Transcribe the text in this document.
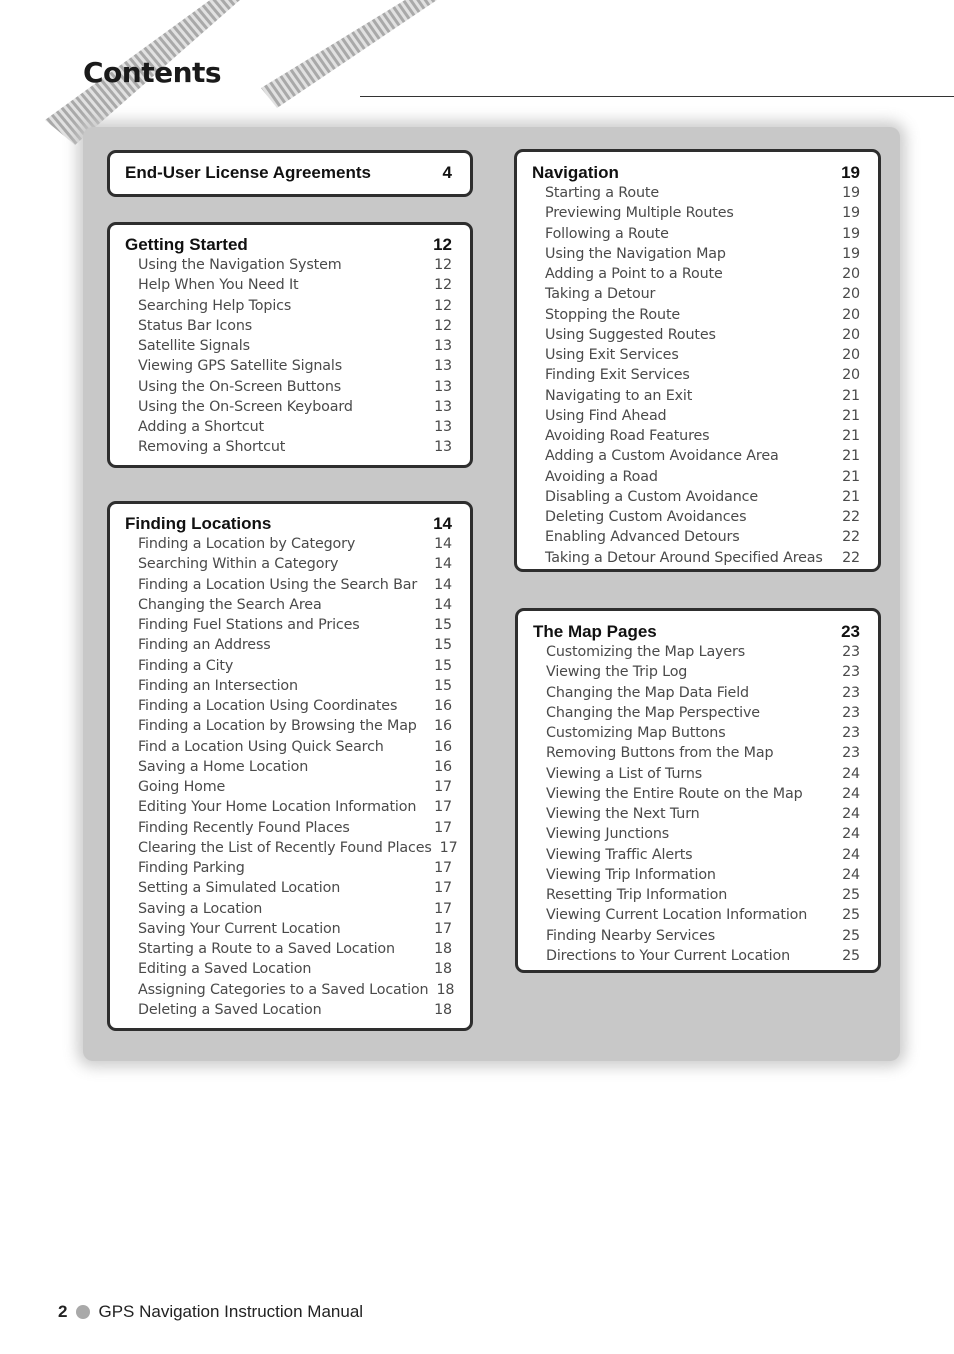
Contents
End-User License Agreements	4
Getting Started	12
Using the Navigation System	12
Help When You Need It	12
Searching Help Topics	12
Status Bar Icons	12
Satellite Signals	13
Viewing GPS Satellite Signals	13
Using the On-Screen Buttons	13
Using the On-Screen Keyboard	13
Adding a Shortcut	13
Removing a Shortcut	13
Finding Locations	14
Finding a Location by Category	14
Searching Within a Category	14
Finding a Location Using the Search Bar 14
Changing the Search Area	14
Finding Fuel Stations and Prices	15
Finding an Address	15
Finding a City	15
Finding an Intersection	15
Finding a Location Using Coordinates	16
Finding a Location by Browsing the Map 16
Find a Location Using Quick Search	16
Saving a Home Location	16
Going Home	17
Editing Your Home Location Information 17
Finding Recently Found Places	17
Clearing the List of Recently Found Places 17
Finding Parking	17
Setting a Simulated Location	17
Saving a Location	17
Saving Your Current Location	17
Starting a Route to a Saved Location	18
Editing a Saved Location	18
Assigning Categories to a Saved Location 18
Deleting a Saved Location	18
Navigation	19
Starting a Route	19
Previewing Multiple Routes	19
Following a Route	19
Using the Navigation Map	19
Adding a Point to a Route	20
Taking a Detour	20
Stopping the Route	20
Using Suggested Routes	20
Using Exit Services	20
Finding Exit Services	20
Navigating to an Exit	21
Using Find Ahead	21
Avoiding Road Features	21
Adding a Custom Avoidance Area	21
Avoiding a Road	21
Disabling a Custom Avoidance	21
Deleting Custom Avoidances	22
Enabling Advanced Detours	22
Taking a Detour Around Specified Areas 22
The Map Pages	23
Customizing the Map Layers	23
Viewing the Trip Log	23
Changing the Map Data Field	23
Changing the Map Perspective	23
Customizing Map Buttons	23
Removing Buttons from the Map	23
Viewing a List of Turns	24
Viewing the Entire Route on the Map	24
Viewing the Next Turn	24
Viewing Junctions	24
Viewing Traffic Alerts	24
Viewing Trip Information	24
Resetting Trip Information	25
Viewing Current Location Information 25
Finding Nearby Services	25
Directions to Your Current Location	25
2 GPS Navigation Instruction Manual
